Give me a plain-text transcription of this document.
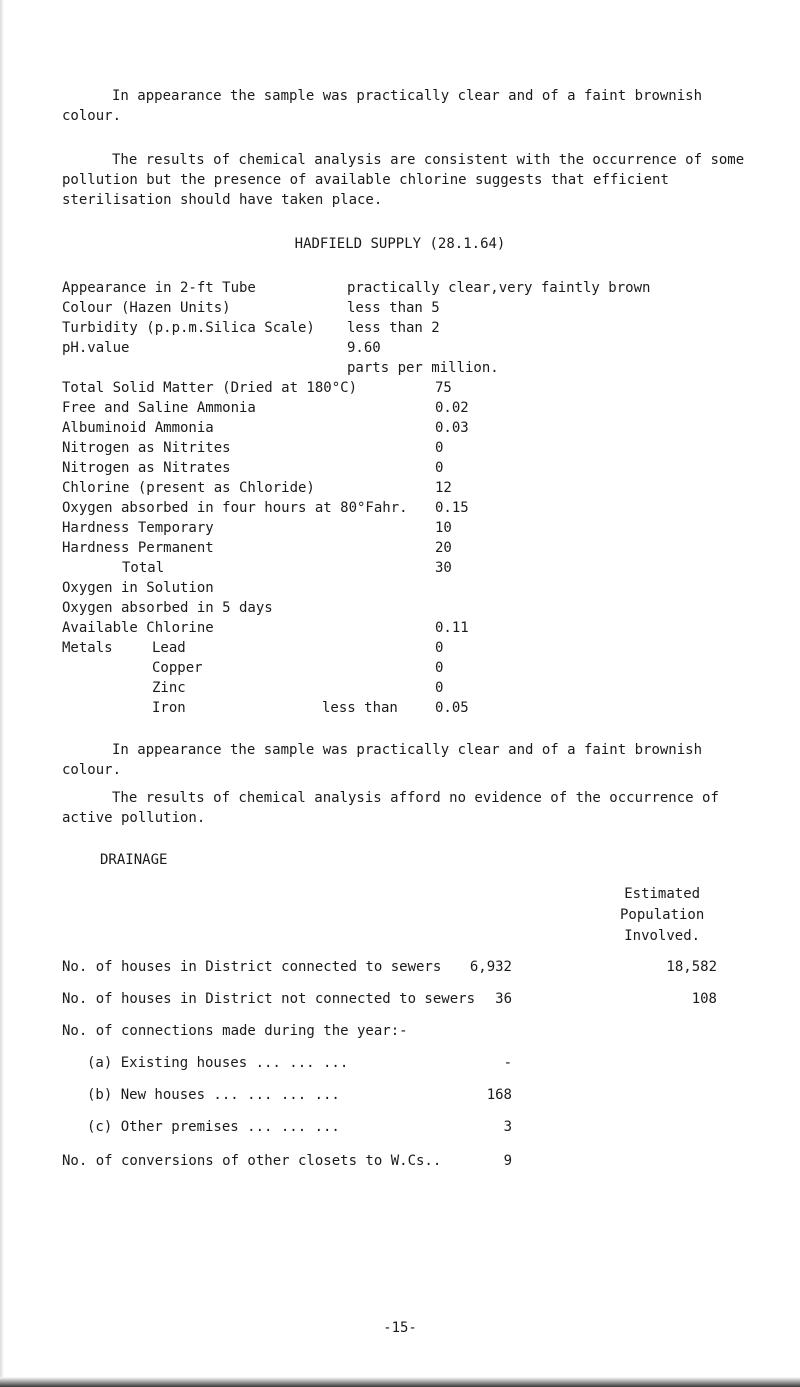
In appearance the sample was practically clear and of a faint brownish colour.
The results of chemical analysis are consistent with the occurrence of some pollution but the presence of available chlorine suggests that efficient sterilisation should have taken place.
HADFIELD SUPPLY (28.1.64)
Appearance in 2-ft Tube	practically clear,very faintly brown
Colour (Hazen Units)	less than 5
Turbidity (p.p.m.Silica Scale) less than 2
pH.value	9.60
parts per million.
Total Solid Matter (Dried at 180°C)	75
Free and Saline Ammonia	0.02
Albuminoid Ammonia	0.03
Nitrogen as Nitrites	0
Nitrogen as Nitrates	0
Chlorine (present as Chloride)	12
Oxygen absorbed in four hours at 80°Fahr. 0.15
Hardness Temporary	10
Hardness Permanent	20
Total	30
Oxygen in Solution
Oxygen absorbed in 5 days
Available Chlorine	0.11
Metals	Lead	0
Copper	0
Zinc	0
Iron	less than	0.05
In appearance the sample was practically clear and of a faint brownish colour.
The results of chemical analysis afford no evidence of the occurrence of active pollution.
DRAINAGE
Estimated
Population
Involved.
No. of houses in District connected to sewers	6,932	18,582
No. of houses in District not connected to sewers	36	108
No. of connections made during the year:-
(a) Existing houses ... ... ...	-
(b) New houses ... ... ... ...	168
(c) Other premises ... ... ...	3
No. of conversions of other closets to W.Cs..	9
-15-
